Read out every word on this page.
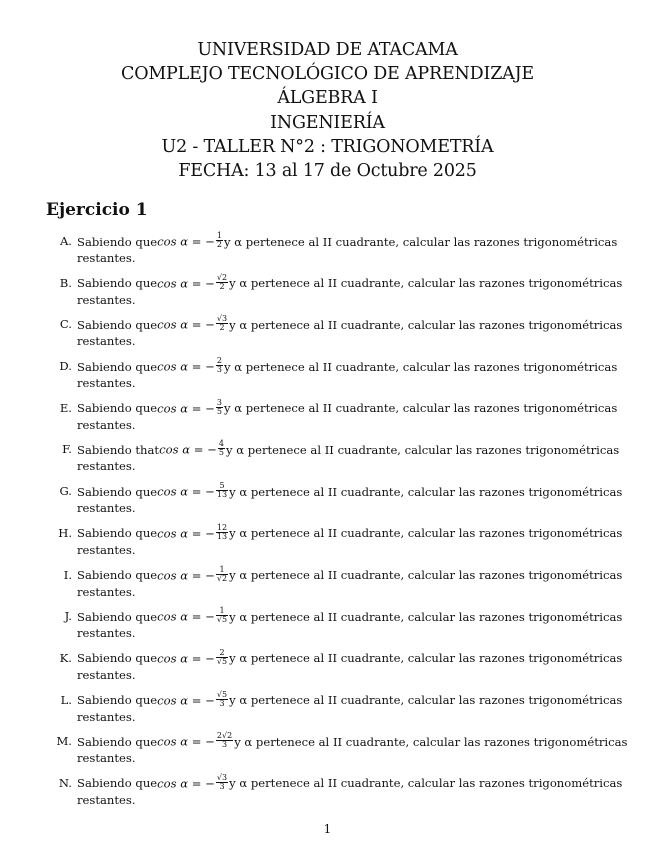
UNIVERSIDAD DE ATACAMA
COMPLEJO TECNOLÓGICO DE APRENDIZAJE
ÁLGEBRA I
INGENIERÍA
U2 - TALLER N°2 : TRIGONOMETRÍA
FECHA: 13 al 17 de Octubre 2025
Ejercicio 1
A. Sabiendo que cos α = − $\frac{1}{2}$ y α pertenece al II cuadrante, calcular las razones trigonométricas
restantes.
B. Sabiendo que cos α = − $\frac{√2}{2}$ y α pertenece al II cuadrante, calcular las razones trigonométricas
restantes.
C. Sabiendo que cos α = − $\frac{√3}{2}$ y α pertenece al II cuadrante, calcular las razones trigonométricas
restantes.
D. Sabiendo que cos α = − $\frac{2}{3}$ y α pertenece al II cuadrante, calcular las razones trigonométricas
restantes.
E. Sabiendo que cos α = − $\frac{3}{5}$ y α pertenece al II cuadrante, calcular las razones trigonométricas
restantes.
F. Sabiendo that cos α = − $\frac{4}{5}$ y α pertenece al II cuadrante, calcular las razones trigonométricas
restantes.
G. Sabiendo que cos α = − $\frac{5}{13}$ y α pertenece al II cuadrante, calcular las razones trigonométricas
restantes.
H. Sabiendo que cos α = − $\frac{12}{13}$ y α pertenece al II cuadrante, calcular las razones trigonométricas
restantes.
I. Sabiendo que cos α = − $\frac{1}{√2}$ y α pertenece al II cuadrante, calcular las razones trigonométricas
restantes.
J. Sabiendo que cos α = − $\frac{1}{√5}$ y α pertenece al II cuadrante, calcular las razones trigonométricas
restantes.
K. Sabiendo que cos α = − $\frac{2}{√5}$ y α pertenece al II cuadrante, calcular las razones trigonométricas
restantes.
L. Sabiendo que cos α = − $\frac{√5}{3}$ y α pertenece al II cuadrante, calcular las razones trigonométricas
restantes.
M. Sabiendo que cos α = − $\frac{2√2}{3}$ y α pertenece al II cuadrante, calcular las razones trigonométricas
restantes.
N. Sabiendo que cos α = − $\frac{√3}{3}$ y α pertenece al II cuadrante, calcular las razones trigonométricas
restantes.
1
